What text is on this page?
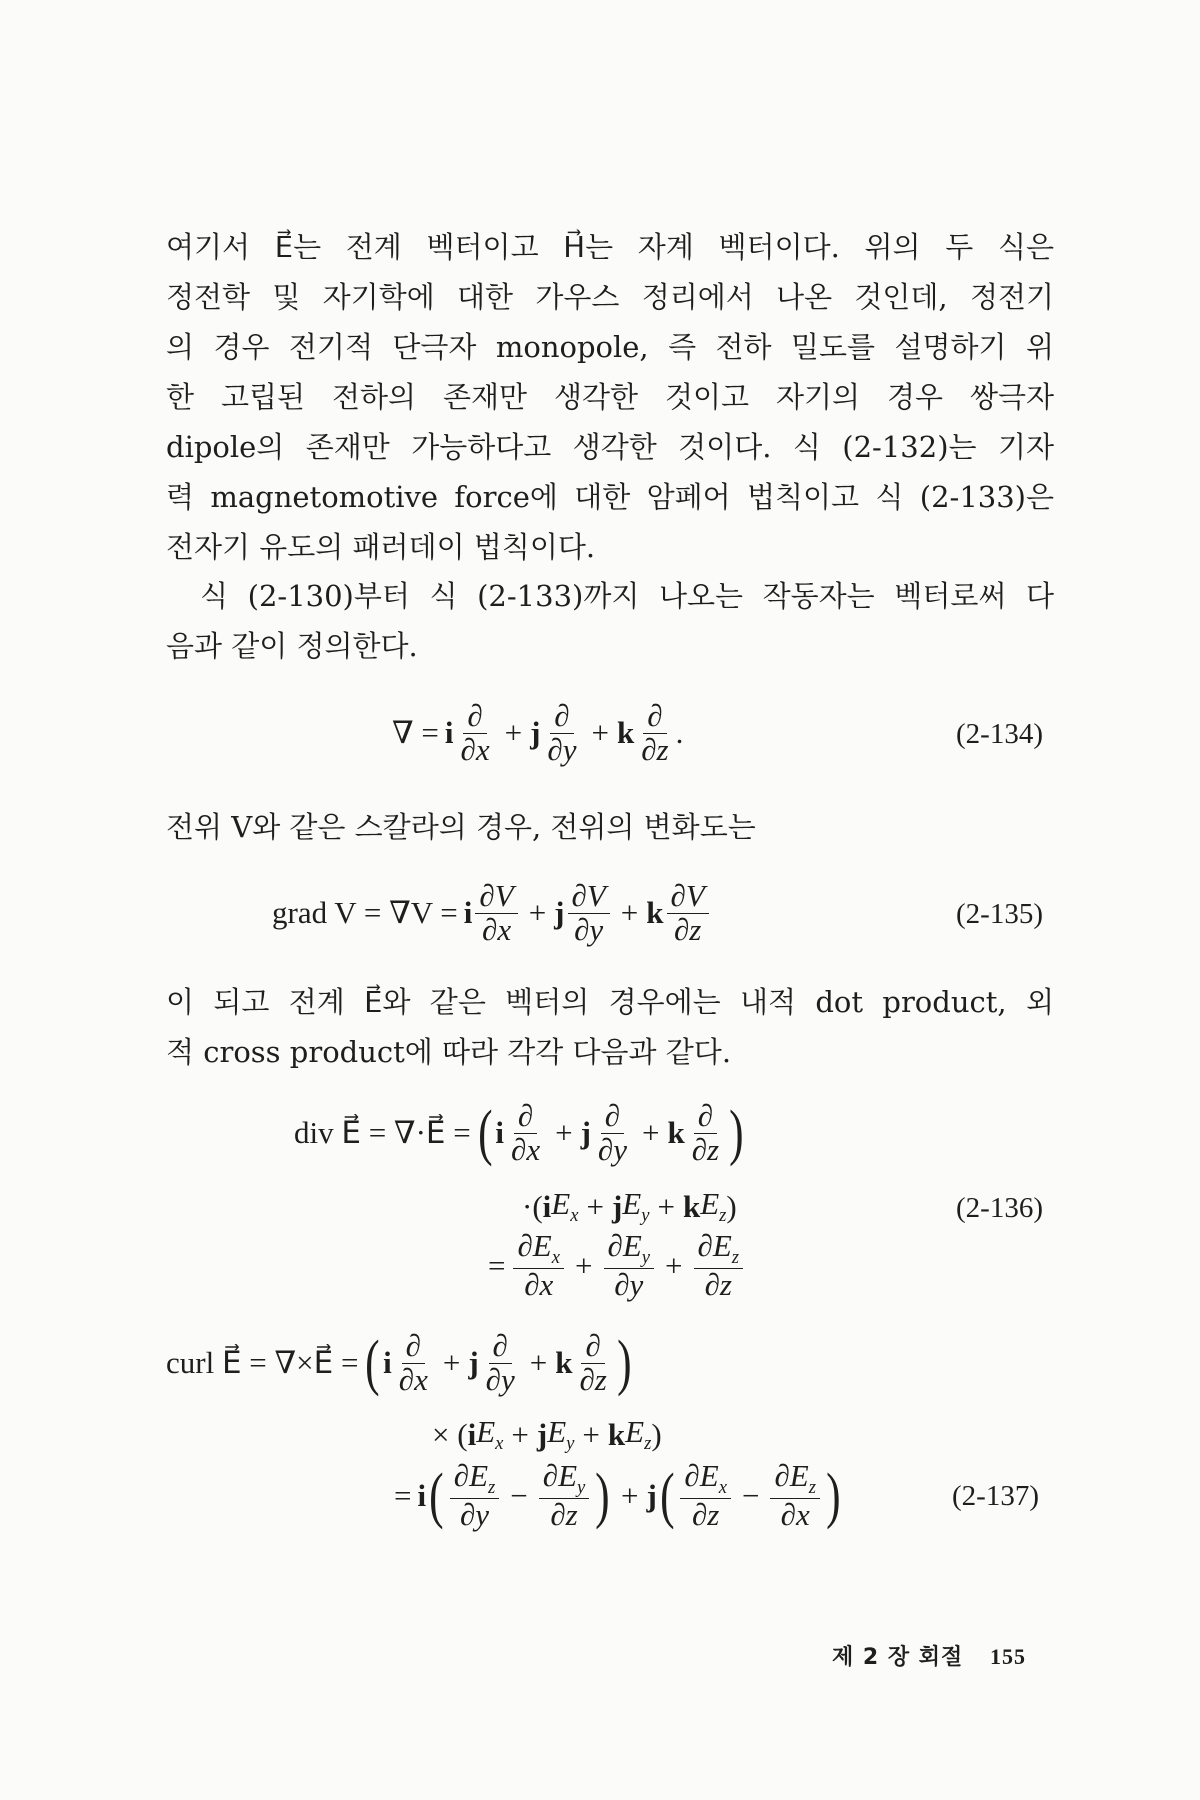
여기서 E⃗는 전계 벡터이고 H⃗는 자계 벡터이다. 위의 두 식은
정전학 및 자기학에 대한 가우스 정리에서 나온 것인데, 정전기
의 경우 전기적 단극자 monopole, 즉 전하 밀도를 설명하기 위
한 고립된 전하의 존재만 생각한 것이고 자기의 경우 쌍극자
dipole의 존재만 가능하다고 생각한 것이다. 식 (2-132)는 기자
력 magnetomotive force에 대한 암페어 법칙이고 식 (2-133)은
전자기 유도의 패러데이 법칙이다.
식 (2-130)부터 식 (2-133)까지 나오는 작동자는 벡터로써 다
음과 같이 정의한다.
∇ = i $\frac{\partial}{\partial x} + j \frac{\partial}{\partial y} + k \frac{\partial}{\partial z}$ .	(2-134)
전위 V와 같은 스칼라의 경우, 전위의 변화도는
grad V = ∇V = i $\frac{\partial V}{\partial x} + j \frac{\partial V}{\partial y} + k \frac{\partial V}{\partial z}$	(2-135)
이 되고 전계 E⃗와 같은 벡터의 경우에는 내적 dot product, 외
적 cross product에 따라 각각 다음과 같다.
div E⃗ = ∇·E⃗ = ( i $\frac{\partial}{\partial x} + j \frac{\partial}{\partial y} + k \frac{\partial}{\partial z}$ )
·( i $E_x + j$ $E_y + k$ $E_z$ )	(2-136)
= $\frac{\partial E_x}{\partial x} + \frac{\partial E_y}{\partial y} + \frac{\partial E_z}{\partial z}$
curl E⃗ = ∇×E⃗ = ( i $\frac{\partial}{\partial x} + j \frac{\partial}{\partial y} + k \frac{\partial}{\partial z}$ )
× ( i $E_x + j$ $E_y + k$ $E_z$ )
= i ( $\frac{\partial E_z}{\partial y} - \frac{\partial E_y}{\partial z}$ ) + j ( $\frac{\partial E_x}{\partial z} - \frac{\partial E_z}{\partial x}$ )	(2-137)
제 2 장 회절 155
